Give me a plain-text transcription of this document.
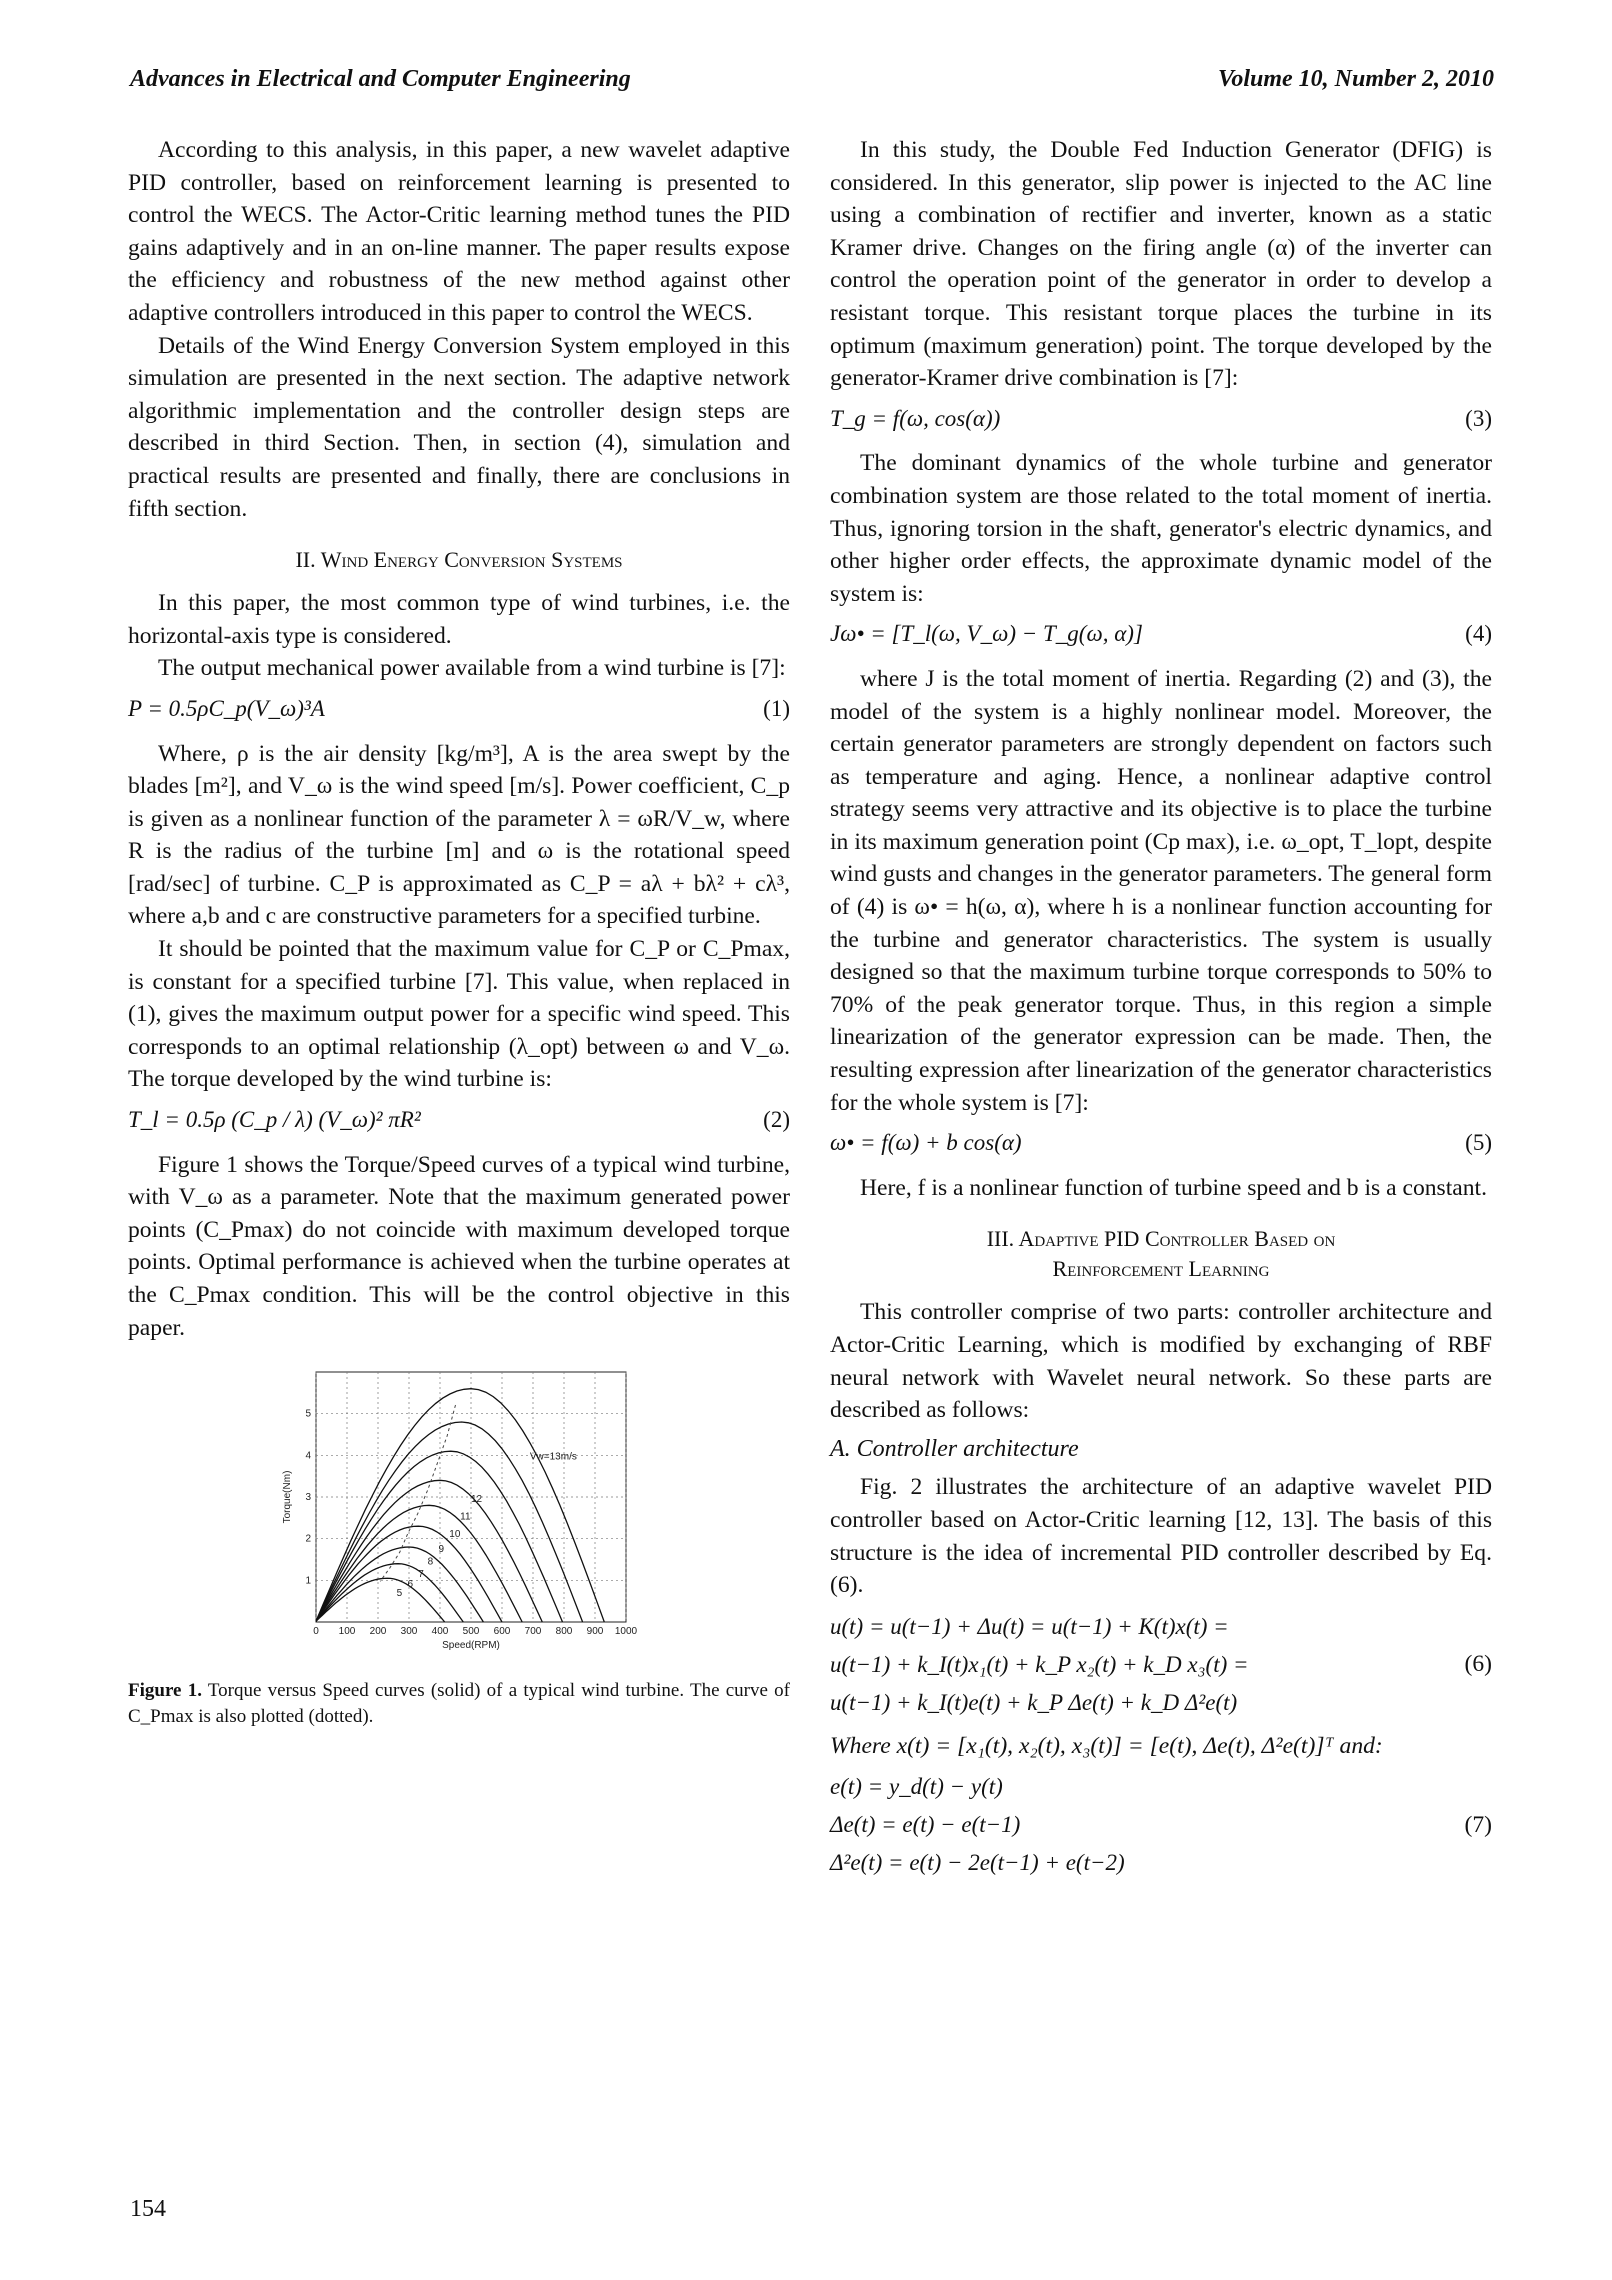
Advances in Electrical and Computer Engineering	Volume 10, Number 2, 2010

According to this analysis, in this paper, a new wavelet adaptive PID controller, based on reinforcement learning is presented to control the WECS. The Actor-Critic learning method tunes the PID gains adaptively and in an on-line manner. The paper results expose the efficiency and robustness of the new method against other adaptive controllers introduced in this paper to control the WECS.

Details of the Wind Energy Conversion System employed in this simulation are presented in the next section. The adaptive network algorithmic implementation and the controller design steps are described in third Section. Then, in section (4), simulation and practical results are presented and finally, there are conclusions in fifth section.

II. Wind Energy Conversion Systems

In this paper, the most common type of wind turbines, i.e. the horizontal-axis type is considered.

The output mechanical power available from a wind turbine is [7]:

P = 0.5ρC_p(V_ω)³A	(1)

Where, ρ is the air density [kg/m³], A is the area swept by the blades [m²], and V_ω is the wind speed [m/s]. Power coefficient, C_p is given as a nonlinear function of the parameter λ = ωR/V_w, where R is the radius of the turbine [m] and ω is the rotational speed [rad/sec] of turbine. C_P is approximated as C_P = aλ + bλ² + cλ³, where a,b and c are constructive parameters for a specified turbine.

It should be pointed that the maximum value for C_P or C_Pmax, is constant for a specified turbine [7]. This value, when replaced in (1), gives the maximum output power for a specific wind speed. This corresponds to an optimal relationship (λ_opt) between ω and V_ω. The torque developed by the wind turbine is:

T_l = 0.5ρ (C_p / λ) (V_ω)² πR²	(2)

Figure 1 shows the Torque/Speed curves of a typical wind turbine, with V_ω as a parameter. Note that the maximum generated power points (C_Pmax) do not coincide with maximum developed torque points. Optimal performance is achieved when the turbine operates at the C_Pmax condition. This will be the control objective in this paper.

0 100 200 300 400 500 600 700 800 900 1000
1
2
3
4
5
Speed(RPM)
Torque(Nm)
Vw=13m/s
12
11
10
9
8
7
6
5
Figure 1. Torque versus Speed curves (solid) of a typical wind turbine. The curve of C_Pmax is also plotted (dotted).

In this study, the Double Fed Induction Generator (DFIG) is considered. In this generator, slip power is injected to the AC line using a combination of rectifier and inverter, known as a static Kramer drive. Changes on the firing angle (α) of the inverter can control the operation point of the generator in order to develop a resistant torque. This resistant torque places the turbine in its optimum (maximum generation) point. The torque developed by the generator-Kramer drive combination is [7]:

T_g = f(ω, cos(α))	(3)

The dominant dynamics of the whole turbine and generator combination system are those related to the total moment of inertia. Thus, ignoring torsion in the shaft, generator's electric dynamics, and other higher order effects, the approximate dynamic model of the system is:

Jω• = [T_l(ω, V_ω) − T_g(ω, α)]	(4)

where J is the total moment of inertia. Regarding (2) and (3), the model of the system is a highly nonlinear model. Moreover, the certain generator parameters are strongly dependent on factors such as temperature and aging. Hence, a nonlinear adaptive control strategy seems very attractive and its objective is to place the turbine in its maximum generation point (Cp max), i.e. ω_opt, T_lopt, despite wind gusts and changes in the generator parameters. The general form of (4) is ω• = h(ω, α), where h is a nonlinear function accounting for the turbine and generator characteristics. The system is usually designed so that the maximum turbine torque corresponds to 50% to 70% of the peak generator torque. Thus, in this region a simple linearization of the generator expression can be made. Then, the resulting expression after linearization of the generator characteristics for the whole system is [7]:

ω• = f(ω) + b cos(α)	(5)

Here, f is a nonlinear function of turbine speed and b is a constant.

III. Adaptive PID Controller Based on
Reinforcement Learning

This controller comprise of two parts: controller architecture and Actor-Critic Learning, which is modified by exchanging of RBF neural network with Wavelet neural network. So these parts are described as follows:

A. Controller architecture

Fig. 2 illustrates the architecture of an adaptive wavelet PID controller based on Actor-Critic learning [12, 13]. The basis of this structure is the idea of incremental PID controller described by Eq. (6).

u(t) = u(t−1) + Δu(t) = u(t−1) + K(t)x(t) =
u(t−1) + k_I(t)x₁(t) + k_P x₂(t) + k_D x₃(t) =
u(t−1) + k_I(t)e(t) + k_P Δe(t) + k_D Δ²e(t)
(6)
Where x(t) = [x₁(t), x₂(t), x₃(t)] = [e(t), Δe(t), Δ²e(t)]ᵀ and:
e(t) = y_d(t) − y(t)
Δe(t) = e(t) − e(t−1)
Δ²e(t) = e(t) − 2e(t−1) + e(t−2)
(7)
154
